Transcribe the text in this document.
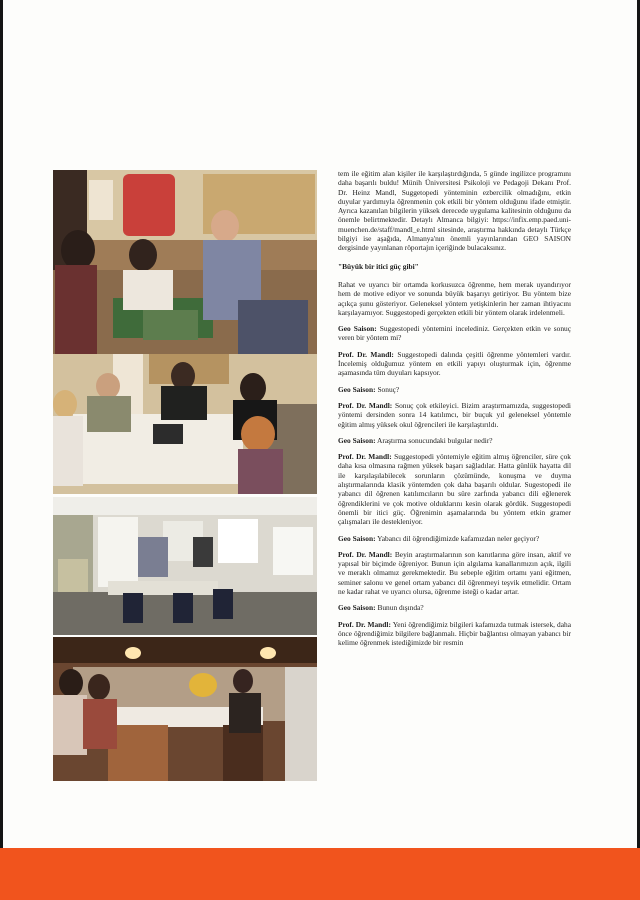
tem ile eğitim alan kişiler ile karşılaştırdığında, 5 günde ingilizce programını daha başarılı buldu! Münih Üniversitesi Psikoloji ve Pedagoji Dekanı Prof. Dr. Heinz Mandl, Suggetopedi yönteminin ezbercilik olmadığını, etkin duyular yardımıyla öğrenmenin çok etkili bir yöntem olduğunu ifade etmiştir. Ayrıca kazanılan bilgilerin yüksek derecede uygulama kalitesinin olduğunu da önemle belirtmektedir. Detaylı Almanca bilgiyi: https://infix.emp.paed.uni-muenchen.de/staff/mandl_e.html sitesinde, araştırma hakkında detaylı Türkçe bilgiyi ise aşağıda, Almanya'nın önemli yayınlarından GEO SAISON dergisinde yayınlanan röportajın içeriğinde bulacaksınız.

"Büyük bir itici güç gibi"

Rahat ve uyarıcı bir ortamda korkusuzca öğrenme, hem merak uyandırıyor hem de motive ediyor ve sonunda büyük başarıyı getiriyor. Bu yöntem bize açıkça şunu gösteriyor. Geleneksel yöntem yetişkinlerin her zaman ihtiyacını karşılayamıyor. Suggestopedi gerçekten etkili bir yöntem olarak irdelenmeli.

Geo Saison: Suggestopedi yöntemini incelediniz. Gerçekten etkin ve sonuç veren bir yöntem mi?

Prof. Dr. Mandl: Suggestopedi dalında çeşitli öğrenme yöntemleri vardır. İncelemiş olduğumuz yöntem en etkili yapıyı oluşturmak için, öğrenme aşamasında tüm duyuları kapsıyor.

Geo Saison: Sonuç?

Prof. Dr. Mandl: Sonuç çok etkileyici. Bizim araştırmamızda, suggestopedi yöntemi dersinden sonra 14 katılımcı, bir buçuk yıl geleneksel yöntemle eğitim almış yüksek okul öğrencileri ile karşılaştırıldı.

Geo Saison: Araştırma sonucundaki bulgular nedir?

Prof. Dr. Mandl: Suggestopedi yöntemiyle eğitim almış öğrenciler, süre çok daha kısa olmasına rağmen yüksek başarı sağladılar. Hatta günlük hayatta dil ile karşılaşılabilecek sorunların çözümünde, konuşma ve duyma alıştırmalarında klasik yöntemden çok daha başarılı oldular. Sugestopedi ile yabancı dil öğrenen katılımcıların bu süre zarfında yabancı dili eğlenerek öğrendiklerini ve çok motive olduklarını kesin olarak gördük. Suggestopedi önemli bir itici güç. Öğrenimin aşamalarında bu yöntem etkin gramer çalışmaları ile destekleniyor.

Geo Saison: Yabancı dil öğrendiğimizde kafamızdan neler geçiyor?

Prof. Dr. Mandl: Beyin araştırmalarının son kanıtlarına göre insan, aktif ve yapısal bir biçimde öğreniyor. Bunun için algılama kanallarımızın açık, ilgili ve meraklı olmamız gerekmektedir. Bu sebeple eğitim ortamı yani eğitmen, seminer salonu ve genel ortam yabancı dil öğrenmeyi teşvik etmelidir. Ortam ne kadar rahat ve uyarıcı olursa, öğrenme isteği o kadar artar.

Geo Saison: Bunun dışında?

Prof. Dr. Mandl: Yeni öğrendiğimiz bilgileri kafamızda tutmak istersek, daha önce öğrendiğimiz bilgilere bağlanmalı. Hiçbir bağlantısı olmayan yabancı bir kelime öğrenmek istediğimizde bir resmin
